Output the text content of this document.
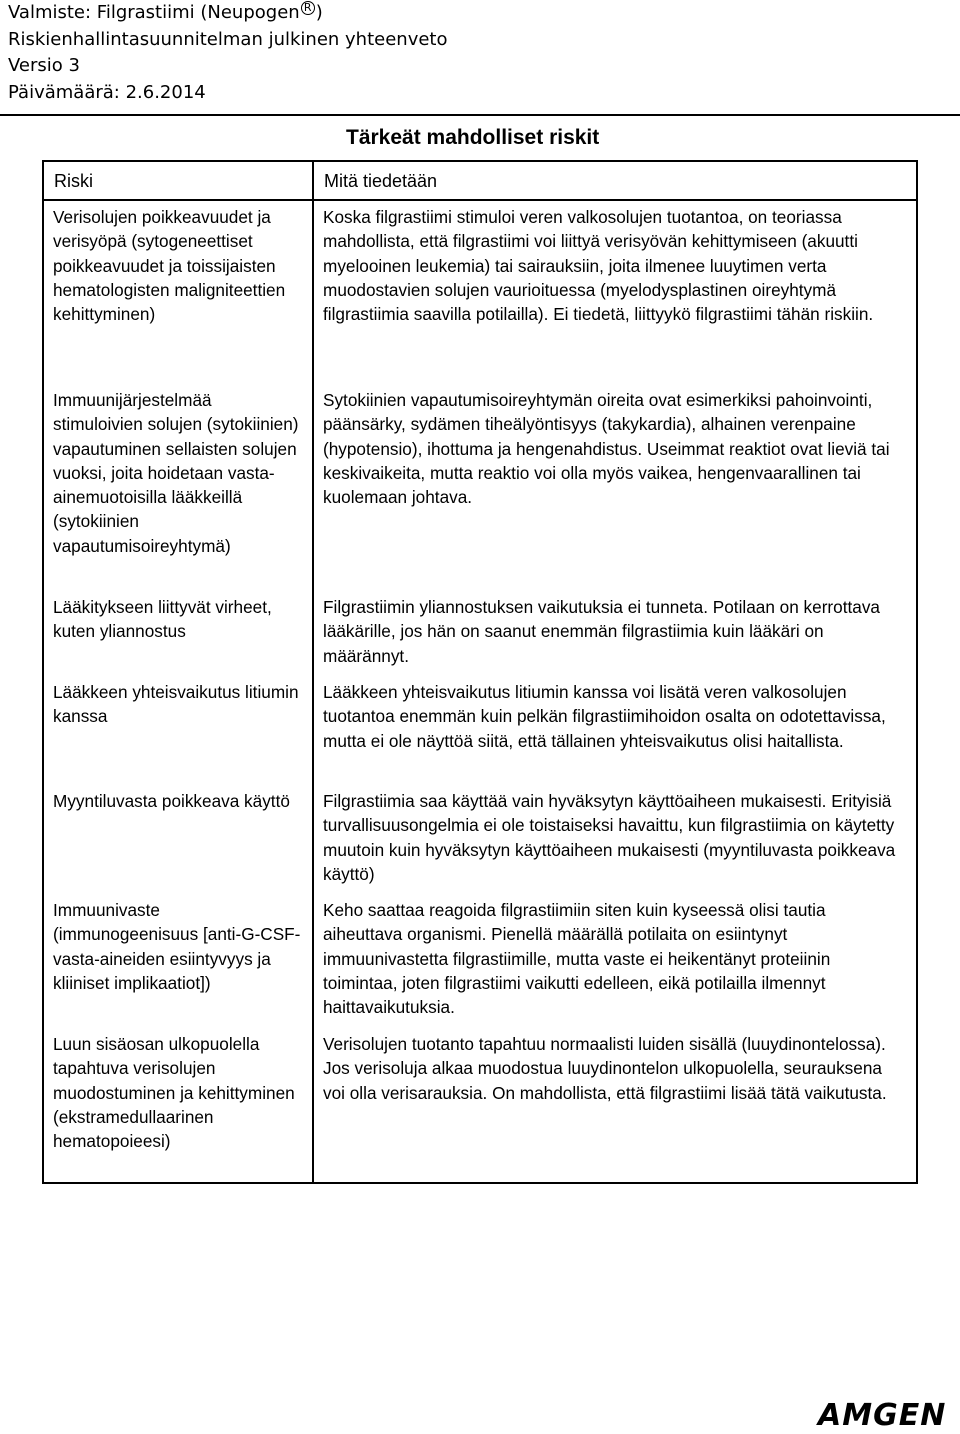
Valmiste: Filgrastiimi (Neupogen R )
Riskienhallintasuunnitelman julkinen yhteenveto
Versio 3
Päivämäärä: 2.6.2014
Tärkeät mahdolliset riskit
Riski	Mitä tiedetään
Verisolujen poikkeavuudet ja verisyöpä (sytogeneettiset poikkeavuudet ja toissijaisten hematologisten maligniteettien kehittyminen)
Immuunijärjestelmää stimuloivien solujen (sytokiinien) vapautuminen sellaisten solujen vuoksi, joita hoidetaan vasta-ainemuotoisilla lääkkeillä (sytokiinien vapautumisoireyhtymä)
Lääkitykseen liittyvät virheet, kuten yliannostus
Lääkkeen yhteisvaikutus litiumin kanssa
Myyntiluvasta poikkeava käyttö
Immuunivaste (immunogeenisuus [anti-G-CSF-vasta-aineiden esiintyvyys ja kliiniset implikaatiot])
Luun sisäosan ulkopuolella tapahtuva verisolujen muodostuminen ja kehittyminen (ekstramedullaarinen hematopoieesi)
Koska filgrastiimi stimuloi veren valkosolujen tuotantoa, on teoriassa mahdollista, että filgrastiimi voi liittyä verisyövän kehittymiseen (akuutti myelooinen leukemia) tai sairauksiin, joita ilmenee luuytimen verta muodostavien solujen vaurioituessa (myelodysplastinen oireyhtymä filgrastiimia saavilla potilailla). Ei tiedetä, liittyykö filgrastiimi tähän riskiin.
Sytokiinien vapautumisoireyhtymän oireita ovat esimerkiksi pahoinvointi, päänsärky, sydämen tiheälyöntisyys (takykardia), alhainen verenpaine (hypotensio), ihottuma ja hengenahdistus. Useimmat reaktiot ovat lieviä tai keskivaikeita, mutta reaktio voi olla myös vaikea, hengenvaarallinen tai kuolemaan johtava.
Filgrastiimin yliannostuksen vaikutuksia ei tunneta. Potilaan on kerrottava lääkärille, jos hän on saanut enemmän filgrastiimia kuin lääkäri on määrännyt.
Lääkkeen yhteisvaikutus litiumin kanssa voi lisätä veren valkosolujen tuotantoa enemmän kuin pelkän filgrastiimihoidon osalta on odotettavissa, mutta ei ole näyttöä siitä, että tällainen yhteisvaikutus olisi haitallista.
Filgrastiimia saa käyttää vain hyväksytyn käyttöaiheen mukaisesti. Erityisiä turvallisuusongelmia ei ole toistaiseksi havaittu, kun filgrastiimia on käytetty muutoin kuin hyväksytyn käyttöaiheen mukaisesti (myyntiluvasta poikkeava käyttö)
Keho saattaa reagoida filgrastiimiin siten kuin kyseessä olisi tautia aiheuttava organismi. Pienellä määrällä potilaita on esiintynyt immuunivastetta filgrastiimille, mutta vaste ei heikentänyt proteiinin toimintaa, joten filgrastiimi vaikutti edelleen, eikä potilailla ilmennyt haittavaikutuksia.
Verisolujen tuotanto tapahtuu normaalisti luiden sisällä (luuydinontelossa). Jos verisoluja alkaa muodostua luuydinontelon ulkopuolella, seurauksena voi olla verisarauksia. On mahdollista, että filgrastiimi lisää tätä vaikutusta.
AMGEN
